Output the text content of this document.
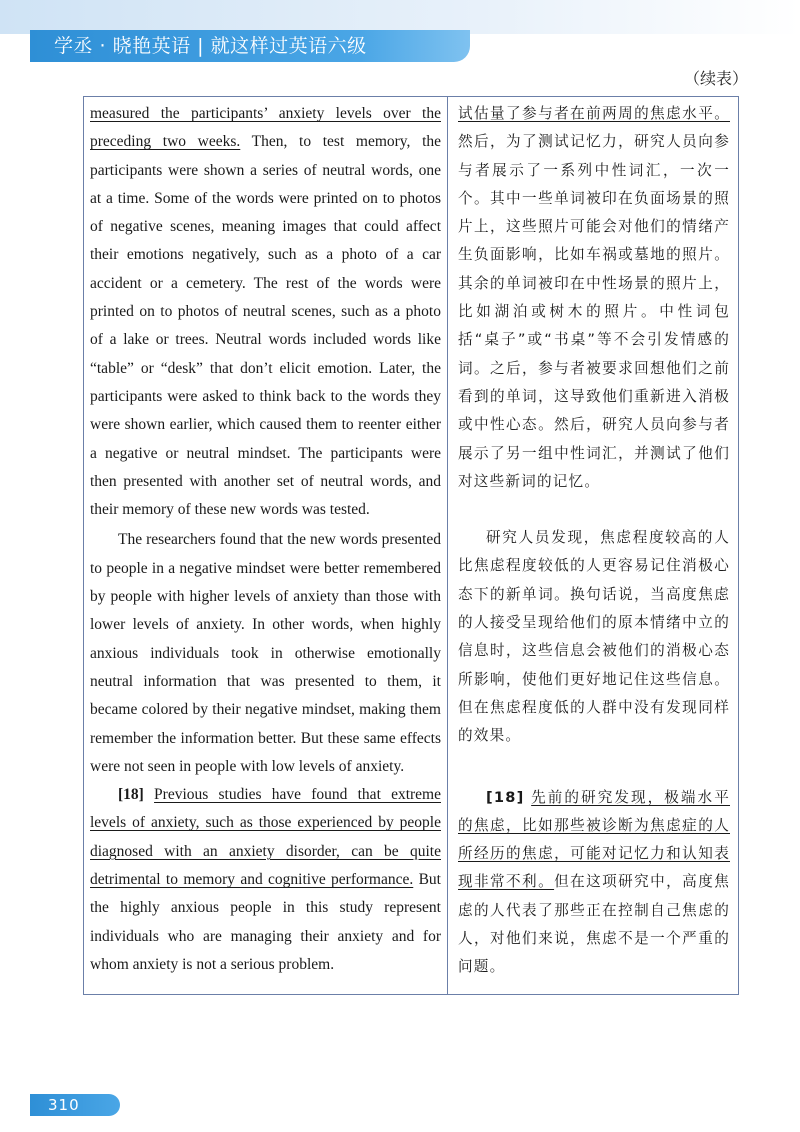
学丞 · 晓艳英语 | 就这样过英语六级
（续表）
measured the participants’ anxiety levels over the preceding two weeks. Then, to test memory, the participants were shown a series of neutral words, one at a time. Some of the words were printed on to photos of negative scenes, meaning images that could affect their emotions negatively, such as a photo of a car accident or a cemetery. The rest of the words were printed on to photos of neutral scenes, such as a photo of a lake or trees. Neutral words included words like “table” or “desk” that don’t elicit emotion. Later, the participants were asked to think back to the words they were shown earlier, which caused them to reenter either a negative or neutral mindset. The participants were then presented with another set of neutral words, and their memory of these new words was tested.
The researchers found that the new words presented to people in a negative mindset were better remembered by people with higher levels of anxiety than those with lower levels of anxiety. In other words, when highly anxious individuals took in otherwise emotionally neutral information that was presented to them, it became colored by their negative mindset, making them remember the information better. But these same effects were not seen in people with low levels of anxiety.
[18] Previous studies have found that extreme levels of anxiety, such as those experienced by people diagnosed with an anxiety disorder, can be quite detrimental to memory and cognitive performance. But the highly anxious people in this study represent individuals who are managing their anxiety and for whom anxiety is not a serious problem.
试估量了参与者在前两周的焦虑水平。然后，为了测试记忆力，研究人员向参与者展示了一系列中性词汇，一次一个。其中一些单词被印在负面场景的照片上，这些照片可能会对他们的情绪产生负面影响，比如车祸或墓地的照片。其余的单词被印在中性场景的照片上，比如湖泊或树木的照片。中性词包括“桌子”或“书桌”等不会引发情感的词。之后，参与者被要求回想他们之前看到的单词，这导致他们重新进入消极或中性心态。然后，研究人员向参与者展示了另一组中性词汇，并测试了他们对这些新词的记忆。
研究人员发现，焦虑程度较高的人比焦虑程度较低的人更容易记住消极心态下的新单词。换句话说，当高度焦虑的人接受呈现给他们的原本情绪中立的信息时，这些信息会被他们的消极心态所影响，使他们更好地记住这些信息。但在焦虑程度低的人群中没有发现同样的效果。
[18] 先前的研究发现，极端水平的焦虑，比如那些被诊断为焦虑症的人所经历的焦虑，可能对记忆力和认知表现非常不利。但在这项研究中，高度焦虑的人代表了那些正在控制自己焦虑的人，对他们来说，焦虑不是一个严重的问题。
310
